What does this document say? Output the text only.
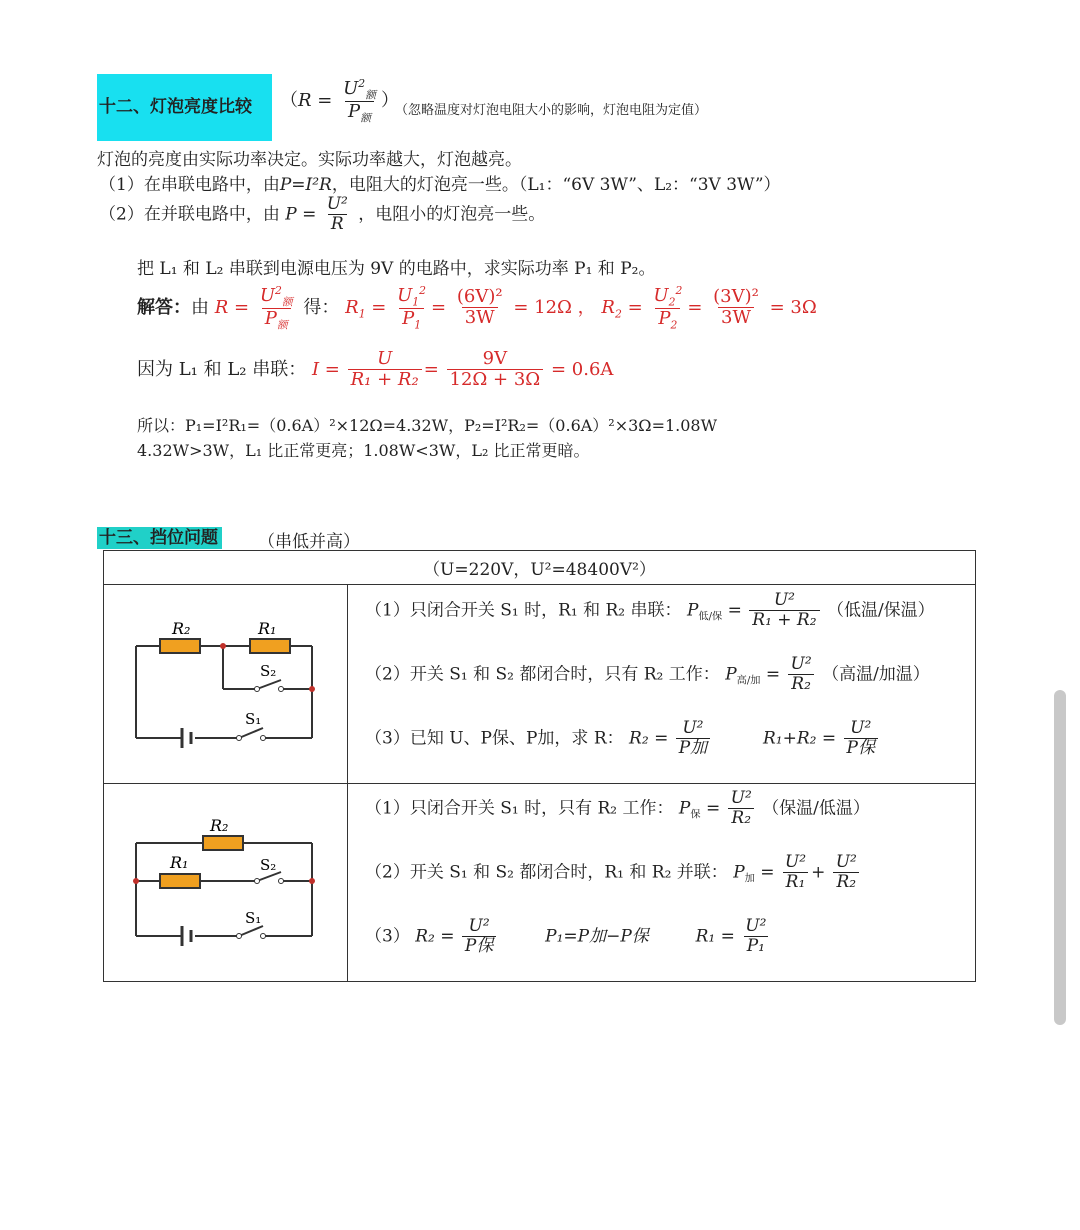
十二、灯泡亮度比较	（$R = \frac{U^2_额}{P_额}$ ）
（忽略温度对灯泡电阻大小的影响，灯泡电阻为定值）
灯泡的亮度由实际功率决定。实际功率越大，灯泡越亮。
（1）在串联电路中，由P=I²R，电阻大的灯泡亮一些。（L₁：“6V 3W”、L₂：“3V 3W”）
（2）在并联电路中，由 $P = \frac{\text{U²}}{R}$ ，电阻小的灯泡亮一些。
把 L₁ 和 L₂ 串联到电源电压为 9V 的电路中，求实际功率 P₁ 和 P₂。
解答：由 $R = \frac{U^2_额}{P_额}$ 得： $R_1 = \frac{U_1^2}{P_1} = \frac{\text{(6V)²}}{3W} = 12\Omega$ ， $R_2 = \frac{U_2^2}{P_2} = \frac{\text{(3V)²}}{3W} = 3\Omega$
因为 L₁ 和 L₂ 串联： $I = \frac{U}{\text{R₁ + R₂}} = \frac{9V}{12\Omega + 3\Omega} = 0.6A$
所以：P₁=I²R₁=（0.6A）²×12Ω=4.32W，P₂=I²R₂=（0.6A）²×3Ω=1.08W
4.32W>3W，L₁ 比正常更亮；1.08W<3W，L₂ 比正常更暗。
十三、挡位问题 （串低并高）
（U=220V，U²=48400V²）	

R₂	R₁
S₂
S₁
R₂
R₁	S₂
S₁
（1）只闭合开关 S₁ 时，R₁ 和 R₂ 串联： $P_{低/保} = \frac{\text{U²}}{\text{R₁ + R₂}}$ （低温/保温）
（2）开关 S₁ 和 S₂ 都闭合时，只有 R₂ 工作： $P_{高/加} = \frac{\text{U²}}{\text{R₂}}$ （高温/加温）
（3）已知 U、P保、P加，求 R： $R_2 = \frac{\text{U²}}{\text{P加}}$	$R_1+R_2 = \frac{\text{U²}}{\text{P保}}$
（1）只闭合开关 S₁ 时，只有 R₂ 工作： $P_保 = \frac{\text{U²}}{\text{R₂}}$ （保温/低温）
（2）开关 S₁ 和 S₂ 都闭合时，R₁ 和 R₂ 并联： $P_加 = \frac{\text{U²}}{\text{R₁}} + \frac{\text{U²}}{\text{R₂}}$
（3） $R_2 = \frac{\text{U²}}{\text{P保}}$	P₁=P加−P保	$R_1 = \frac{\text{U²}}{\text{P₁}}$
